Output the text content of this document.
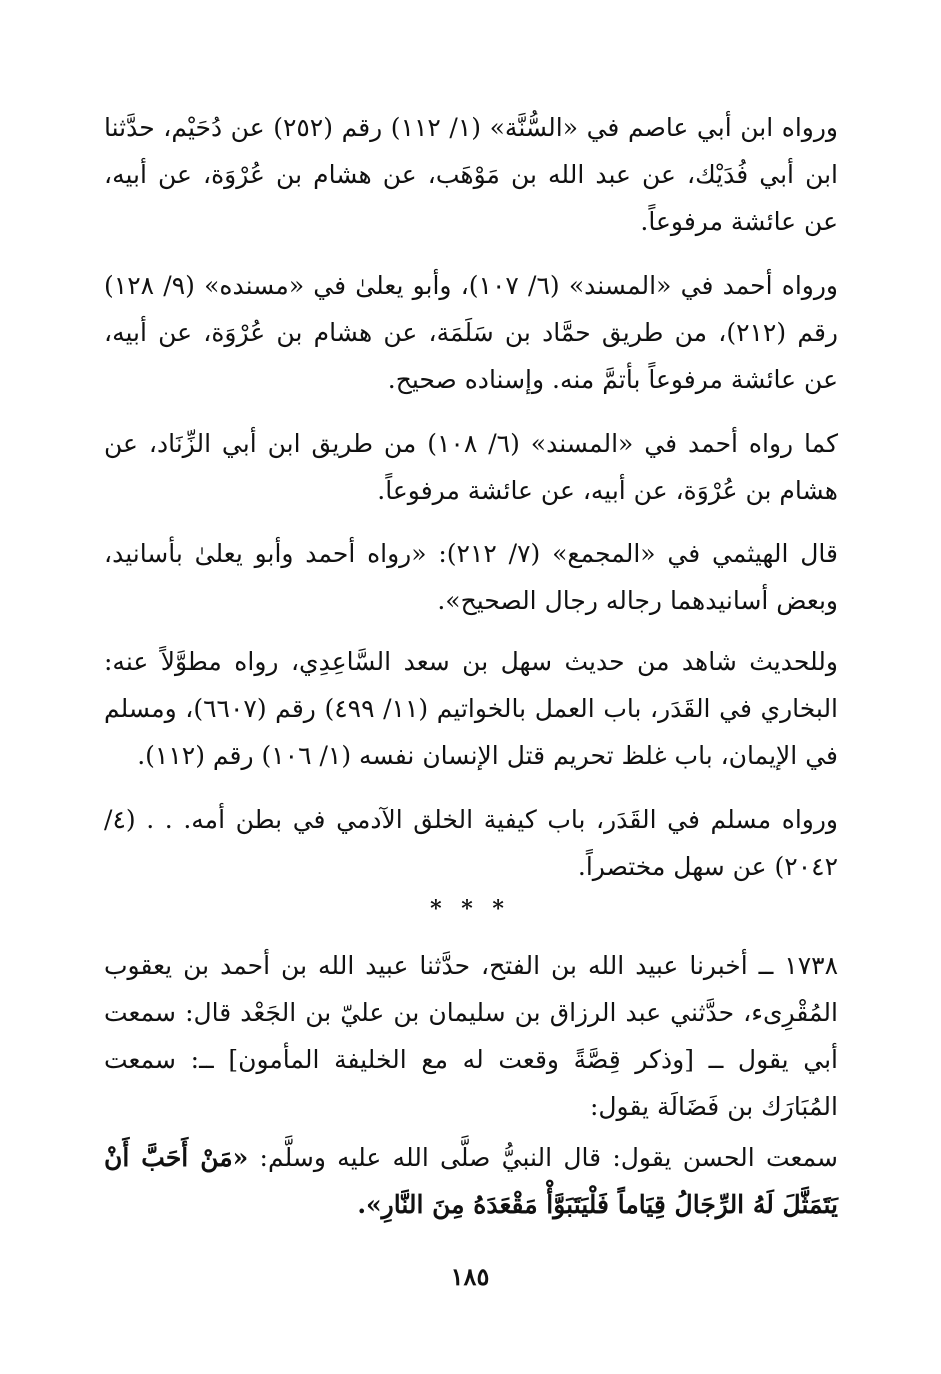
ورواه ابن أبي عاصم في «السُّنَّة» (١/ ١١٢) رقم (٢٥٢) عن دُحَيْم، حدَّثنا ابن أبي فُدَيْك، عن عبد الله بن مَوْهَب، عن هشام بن عُرْوَة، عن أبيه، عن عائشة مرفوعاً.
ورواه أحمد في «المسند» (٦/ ١٠٧)، وأبو يعلىٰ في «مسنده» (٩/ ١٢٨) رقم (٢١٢)، من طريق حمَّاد بن سَلَمَة، عن هشام بن عُرْوَة، عن أبيه، عن عائشة مرفوعاً بأتمَّ منه. وإسناده صحيح.
كما رواه أحمد في «المسند» (٦/ ١٠٨) من طريق ابن أبي الزِّنَاد، عن هشام بن عُرْوَة، عن أبيه، عن عائشة مرفوعاً.
قال الهيثمي في «المجمع» (٧/ ٢١٢): «رواه أحمد وأبو يعلىٰ بأسانيد، وبعض أسانيدهما رجاله رجال الصحيح».
وللحديث شاهد من حديث سهل بن سعد السَّاعِدِي، رواه مطوَّلاً عنه: البخاري في القَدَر، باب العمل بالخواتيم (١١/ ٤٩٩) رقم (٦٦٠٧)، ومسلم في الإيمان، باب غلظ تحريم قتل الإنسان نفسه (١/ ١٠٦) رقم (١١٢).
ورواه مسلم في القَدَر، باب كيفية الخلق الآدمي في بطن أمه. . . (٤/ ٢٠٤٢) عن سهل مختصراً.
* * *
١٧٣٨ ــ أخبرنا عبيد الله بن الفتح، حدَّثنا عبيد الله بن أحمد بن يعقوب المُقْرِىء، حدَّثني عبد الرزاق بن سليمان بن عليّ بن الجَعْد قال: سمعت أبي يقول ــ [وذكر قِصَّةً وقعت له مع الخليفة المأمون] ــ: سمعت المُبَارَك بن فَضَالَة يقول:
سمعت الحسن يقول: قال النبيُّ صلَّى الله عليه وسلَّم: «مَنْ أَحَبَّ أَنْ يَتَمَثَّلَ لَهُ الرِّجَالُ قِيَاماً فَلْيَتَبَوَّأْ مَقْعَدَهُ مِنَ النَّارِ».
١٨٥
